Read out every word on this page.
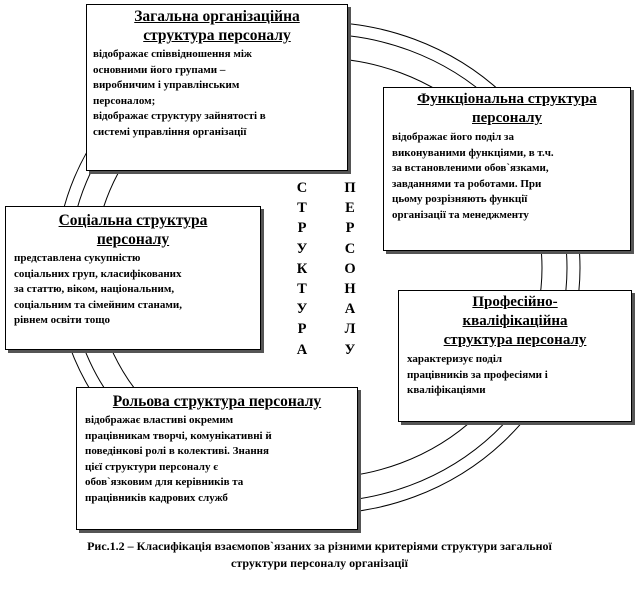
Загальна організаційна
структура персоналу
відображає співвідношення між
основними його групами –
виробничим і управлінським
персоналом;
відображає структуру зайнятості в
системі управління організації
Функціональна структура
персоналу
відображає його поділ за
виконуваними функціями, в т.ч.
за встановленими обов`язками,
завданнями та роботами. При
цьому розрізняють функції
організації та менеджменту
Соціальна структура
персоналу
представлена сукупністю
соціальних груп, класифікованих
за статтю, віком, національним,
соціальним та сімейним станами,
рівнем освіти тощо
Професійно-
кваліфікаційна
структура персоналу
характеризує поділ
працівників за професіями і
кваліфікаціями
Рольова структура персоналу
відображає властиві окремим
працівникам творчі, комунікативні й
поведінкові ролі в колективі. Знання
цієї структури персоналу є
обов`язковим для керівників та
працівників кадрових служб
С
Т
Р
У
К
Т
У
Р
А
П
Е
Р
С
О
Н
А
Л
У
Рис.1.2 – Класифікація взаємопов`язаних за різними критеріями структури загальної
структури персоналу організації
